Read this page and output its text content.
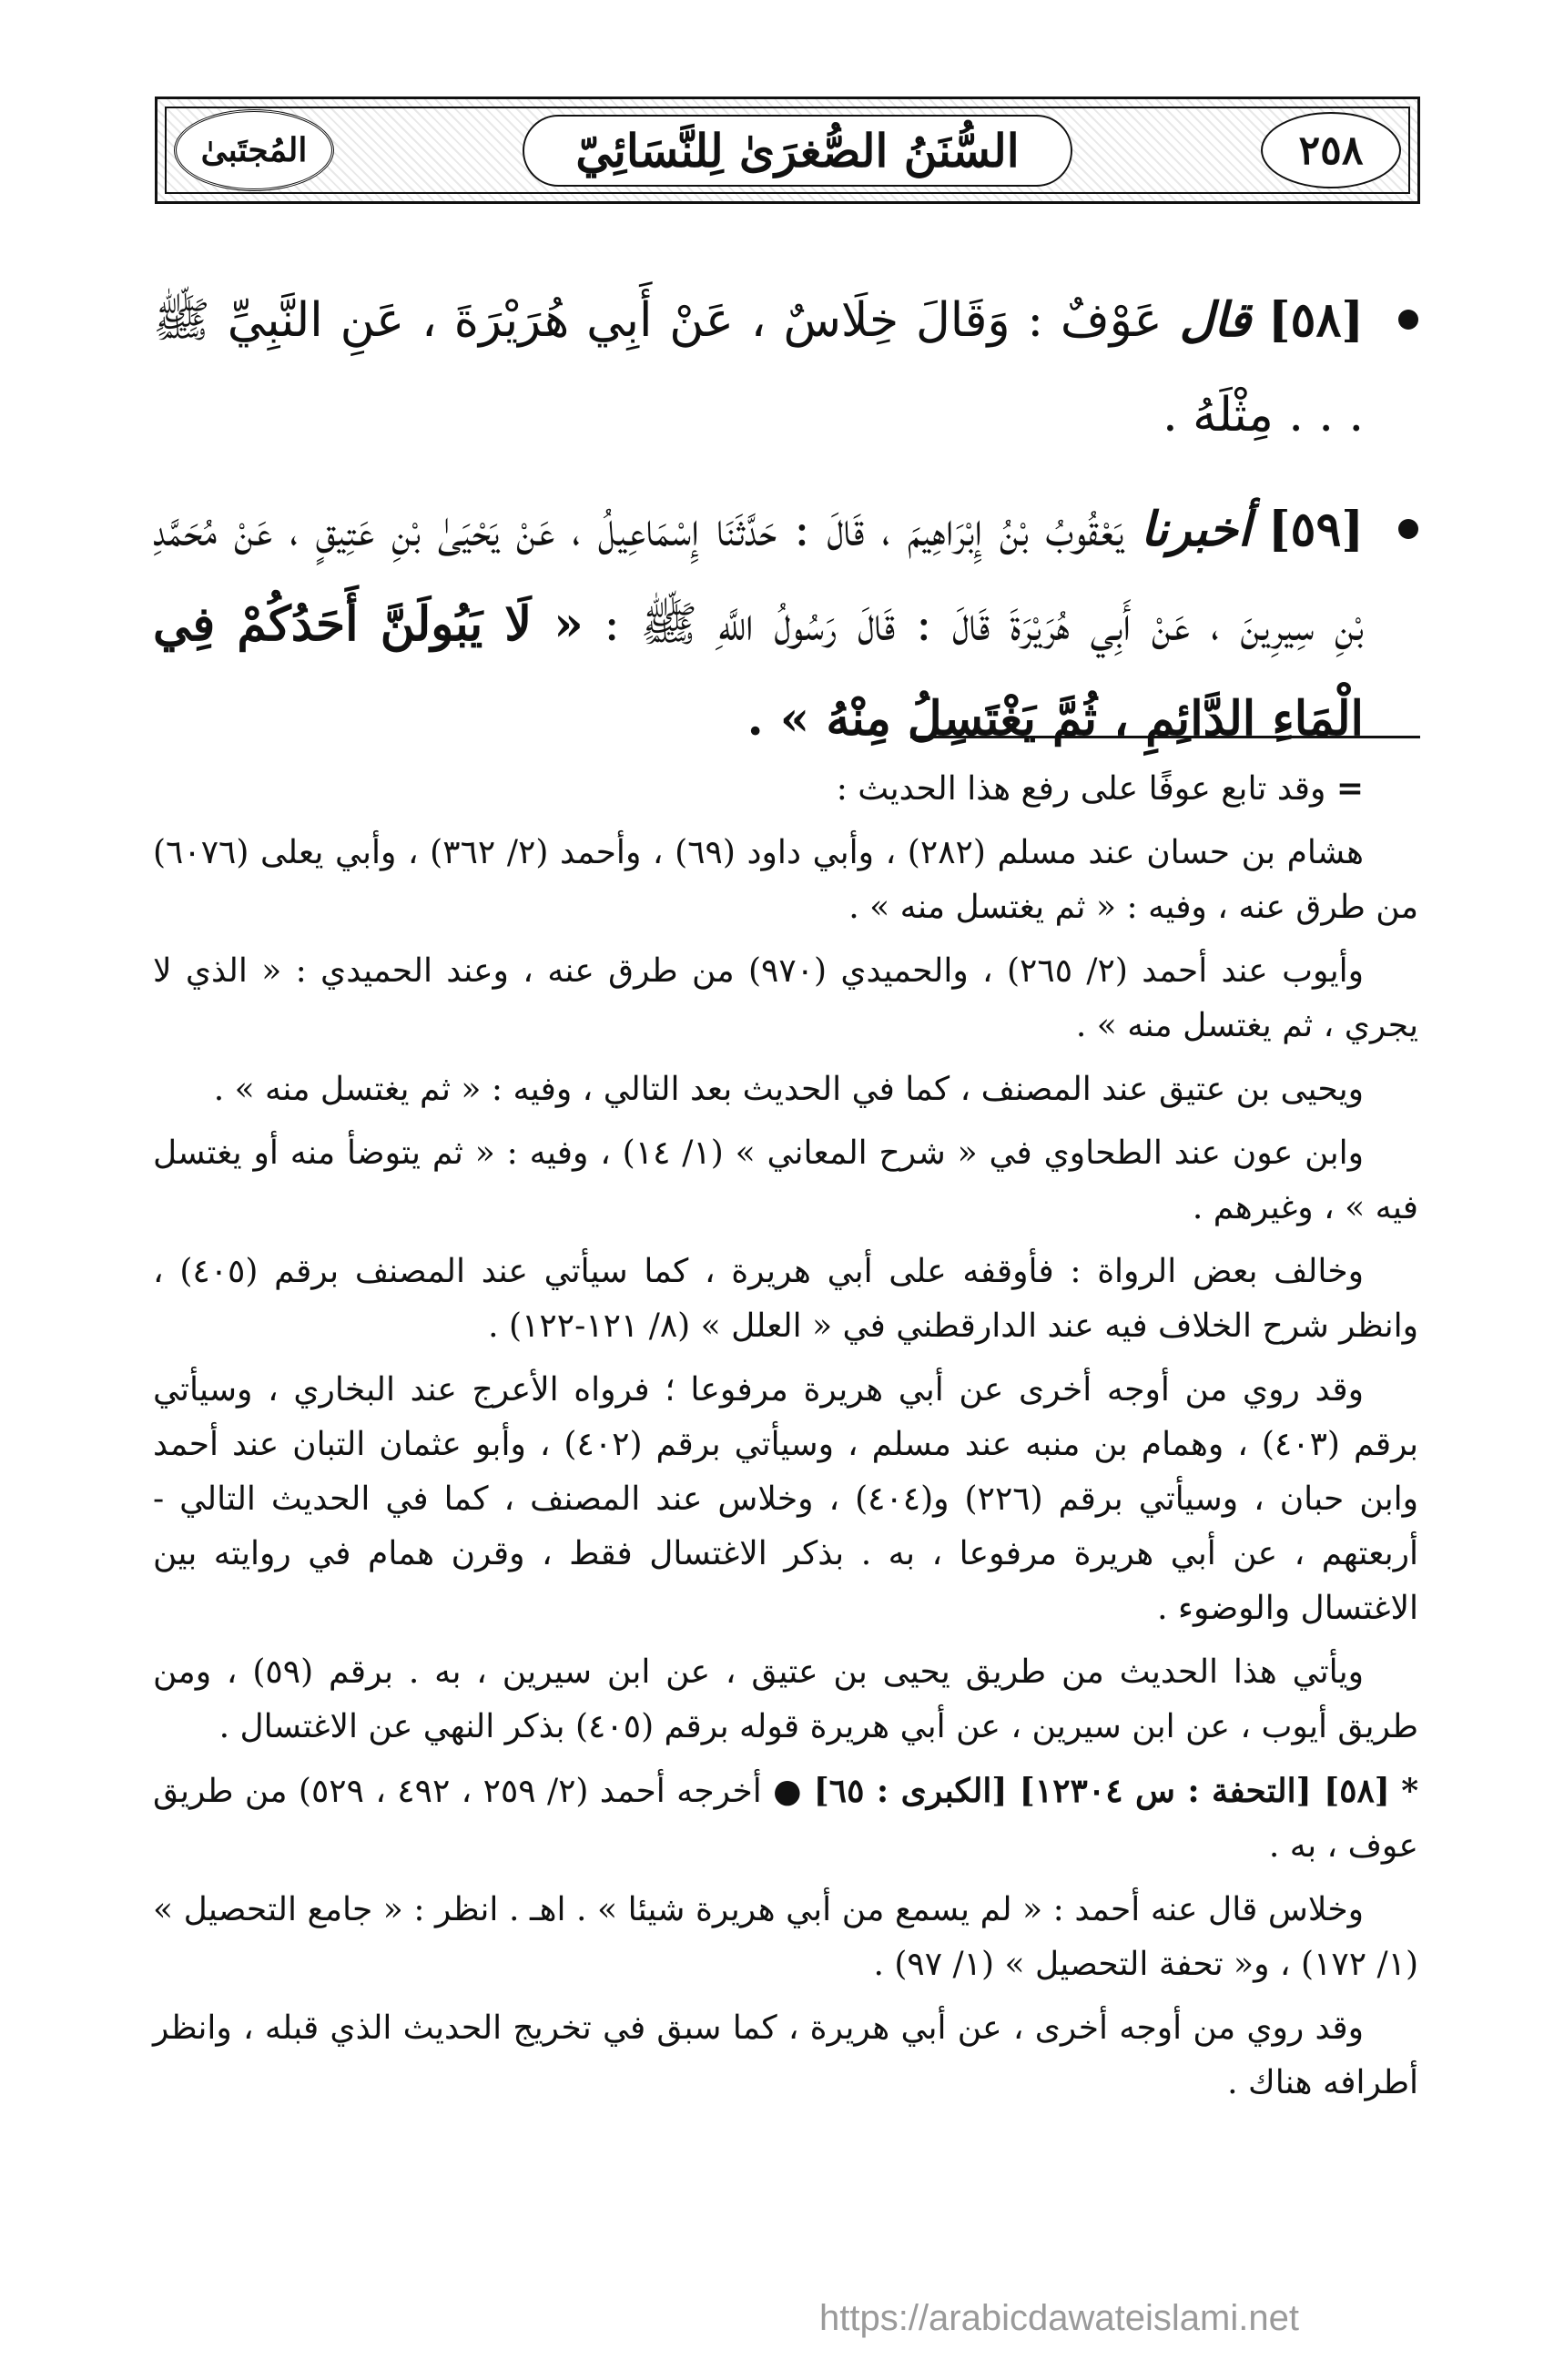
٢٥٨
السُّنَنُ الصُّغرَىٰ لِلنَّسَائِيّ
المُجتَبىٰ

[٥٨] قال عَوْفٌ : وَقَالَ خِلَاسٌ ، عَنْ أَبِي هُرَيْرَةَ ، عَنِ النَّبِيِّ ﷺ . . . مِثْلَهُ .

[٥٩] أخبرنا يَعْقُوبُ بْنُ إِبْرَاهِيمَ ، قَالَ : حَدَّثَنَا إِسْمَاعِيلُ ، عَنْ يَحْيَىٰ بْنِ عَتِيقٍ ، عَنْ مُحَمَّدِ بْنِ سِيرِينَ ، عَنْ أَبِي هُرَيْرَةَ قَالَ : قَالَ رَسُولُ اللَّهِ ﷺ : « لَا يَبُولَنَّ أَحَدُكُمْ فِي الْمَاءِ الدَّائِمِ ، ثُمَّ يَغْتَسِلُ مِنْهُ » .

= وقد تابع عوفًا على رفع هذا الحديث :

هشام بن حسان عند مسلم (٢٨٢) ، وأبي داود (٦٩) ، وأحمد (٢/ ٣٦٢) ، وأبي يعلى (٦٠٧٦) من طرق عنه ، وفيه : « ثم يغتسل منه » .

وأيوب عند أحمد (٢/ ٢٦٥) ، والحميدي (٩٧٠) من طرق عنه ، وعند الحميدي : « الذي لا يجري ، ثم يغتسل منه » .

ويحيى بن عتيق عند المصنف ، كما في الحديث بعد التالي ، وفيه : « ثم يغتسل منه » .

وابن عون عند الطحاوي في « شرح المعاني » (١/ ١٤) ، وفيه : « ثم يتوضأ منه أو يغتسل فيه » ، وغيرهم .

وخالف بعض الرواة : فأوقفه على أبي هريرة ، كما سيأتي عند المصنف برقم (٤٠٥) ، وانظر شرح الخلاف فيه عند الدارقطني في « العلل » (٨/ ١٢١-١٢٢) .

وقد روي من أوجه أخرى عن أبي هريرة مرفوعا ؛ فرواه الأعرج عند البخاري ، وسيأتي برقم (٤٠٣) ، وهمام بن منبه عند مسلم ، وسيأتي برقم (٤٠٢) ، وأبو عثمان التبان عند أحمد وابن حبان ، وسيأتي برقم (٢٢٦) و(٤٠٤) ، وخلاس عند المصنف ، كما في الحديث التالي - أربعتهم ، عن أبي هريرة مرفوعا ، به . بذكر الاغتسال فقط ، وقرن همام في روايته بين الاغتسال والوضوء .

ويأتي هذا الحديث من طريق يحيى بن عتيق ، عن ابن سيرين ، به . برقم (٥٩) ، ومن طريق أيوب ، عن ابن سيرين ، عن أبي هريرة قوله برقم (٤٠٥) بذكر النهي عن الاغتسال .

* [٥٨] [التحفة : س ١٢٣٠٤] [الكبرى : ٦٥] ● أخرجه أحمد (٢/ ٢٥٩ ، ٤٩٢ ، ٥٢٩) من طريق عوف ، به .

وخلاس قال عنه أحمد : « لم يسمع من أبي هريرة شيئا » . اهـ . انظر : « جامع التحصيل » (١/ ١٧٢) ، و« تحفة التحصيل » (١/ ٩٧) .

وقد روي من أوجه أخرى ، عن أبي هريرة ، كما سبق في تخريج الحديث الذي قبله ، وانظر أطرافه هناك .

https://arabicdawateislami.net
